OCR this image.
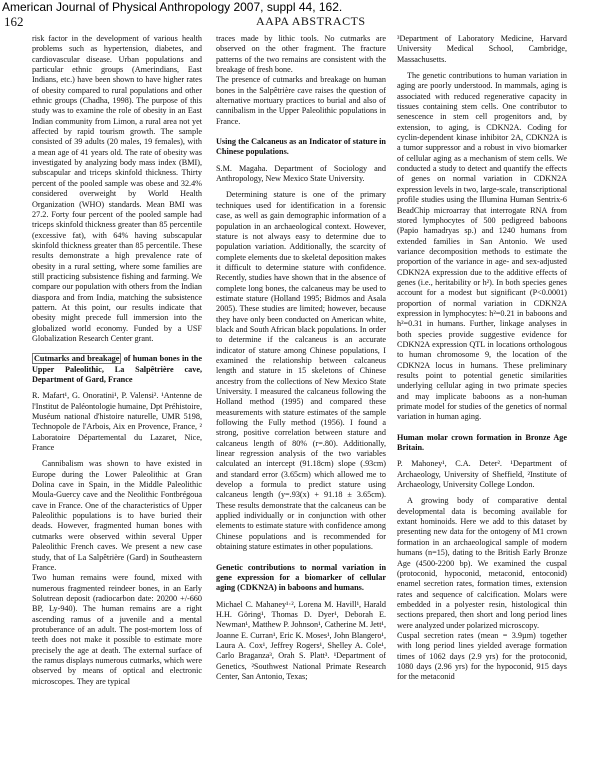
American Journal of Physical Anthropology 2007, suppl 44, 162.
162	AAPA ABSTRACTS

risk factor in the development of various health problems such as hypertension, diabetes, and cardiovascular disease. Urban populations and particular ethnic groups (Amerindians, East Indians, etc.) have been shown to have higher rates of obesity compared to rural populations and other ethnic groups (Chadha, 1998). The purpose of this study was to examine the role of obesity in an East Indian community from Limon, a rural area not yet affected by rapid tourism growth. The sample consisted of 39 adults (20 males, 19 females), with a mean age of 41 years old. The rate of obesity was investigated by analyzing body mass index (BMI), subscapular and triceps skinfold thickness. Thirty percent of the pooled sample was obese and 32.4% considered overweight by World Health Organization (WHO) standards. Mean BMI was 27.2. Forty four percent of the pooled sample had triceps skinfold thickness greater than 85 percentile (excessive fat), with 64% having subscapular skinfold thickness greater than 85 percentile. These results demonstrate a high prevalence rate of obesity in a rural setting, where some families are still practicing subsistence fishing and farming. We compare our population with others from the Indian diaspora and from India, matching the subsistence pattern. At this point, our results indicate that obesity might precede full immersion into the globalized world economy. Funded by a USF Globalization Research Center grant.

Cutmarks and breakage of human bones in the Upper Paleolithic, La Salpêtrière cave, Department of Gard, France

R. Mafart¹, G. Onoratini¹, P. Valensi². ¹Antenne de l'Institut de Paléontologie humaine, Dpt Préhistoire, Muséum national d'histoire naturelle, UMR 5198, Technopole de l'Arbois, Aix en Provence, France, ² Laboratoire Départemental du Lazaret, Nice, France

Cannibalism was shown to have existed in Europe during the Lower Paleolithic at Gran Dolina cave in Spain, in the Middle Paleolithic Moula-Guercy cave and the Neolithic Fontbrégoua cave in France. One of the characteristics of Upper Paleolithic populations is to have buried their deads. However, fragmented human bones with cutmarks were observed within several Upper Paleolithic French caves. We present a new case study, that of La Salpêtrière (Gard) in Southeastern France.

Two human remains were found, mixed with numerous fragmented reindeer bones, in an Early Solutrean deposit (radiocarbon date: 20200 +/-660 BP, Ly-940). The human remains are a right ascending ramus of a juvenile and a mental protuberance of an adult. The post-mortem loss of teeth does not make it possible to estimate more precisely the age at death. The external surface of the ramus displays numerous cutmarks, which were observed by means of optical and electronic microscopes. They are typical

traces made by lithic tools. No cutmarks are observed on the other fragment. The fracture patterns of the two remains are consistent with the breakage of fresh bone.

The presence of cutmarks and breakage on human bones in the Salpêtrière cave raises the question of alternative mortuary practices to burial and also of cannibalism in the Upper Paleolithic populations in France.

Using the Calcaneus as an Indicator of stature in Chinese populations.

S.M. Magaha. Department of Sociology and Anthropology, New Mexico State University.

Determining stature is one of the primary techniques used for identification in a forensic case, as well as gain demographic information of a population in an archaeological context. However, stature is not always easy to determine due to population variation. Additionally, the scarcity of complete elements due to skeletal deposition makes it difficult to determine stature with confidence. Recently, studies have shown that in the absence of complete long bones, the calcaneus may be used to estimate stature (Holland 1995; Bidmos and Asala 2005). These studies are limited; however, because they have only been conducted on American white, black and South African black populations. In order to determine if the calcaneus is an accurate indicator of stature among Chinese populations, I examined the relationship between calcaneus length and stature in 15 skeletons of Chinese ancestry from the collections of New Mexico State University. I measured the calcaneus following the Holland method (1995) and compared these measurements with stature estimates of the sample following the Fully method (1956). I found a strong, positive correlation between stature and calcaneus length of 80% (r=.80). Additionally, linear regression analysis of the two variables calculated an intercept (91.18cm) slope (.93cm) and standard error (3.65cm) which allowed me to develop a formula to predict stature using calcaneus length (y=.93(x) + 91.18 ± 3.65cm). These results demonstrate that the calcaneus can be applied individually or in conjunction with other elements to estimate stature with confidence among Chinese populations and is recommended for obtaining stature estimates in other populations.

Genetic contributions to normal variation in gene expression for a biomarker of cellular aging (CDKN2A) in baboons and humans.

Michael C. Mahaney¹·², Lorena M. Havill¹, Harald H.H. Göring¹, Thomas D. Dyer¹, Deborah E. Newman¹, Matthew P. Johnson¹, Catherine M. Jett¹, Joanne E. Curran¹, Eric K. Moses¹, John Blangero¹, Laura A. Cox¹, Jeffrey Rogers¹, Shelley A. Cole¹, Carlo Braganza³, Orah S. Platt³. ¹Department of Genetics, ²Southwest National Primate Research Center, San Antonio, Texas;

³Department of Laboratory Medicine, Harvard University Medical School, Cambridge, Massachusetts.

The genetic contributions to human variation in aging are poorly understood. In mammals, aging is associated with reduced regenerative capacity in tissues containing stem cells. One contributor to senescence in stem cell progenitors and, by extension, to aging, is CDKN2A. Coding for cyclin-dependent kinase inhibitor 2A, CDKN2A is a tumor suppressor and a robust in vivo biomarker of cellular aging as a mechanism of stem cells. We conducted a study to detect and quantify the effects of genes on normal variation in CDKN2A expression levels in two, large-scale, transcriptional profile studies using the Illumina Human Sentrix-6 BeadChip microarray that interrogate RNA from stored lymphocytes of 500 pedigreed baboons (Papio hamadryas sp.) and 1240 humans from extended families in San Antonio. We used variance decomposition methods to estimate the proportion of the variance in age- and sex-adjusted CDKN2A expression due to the additive effects of genes (i.e., heritability or h²). In both species genes account for a modest but significant (P<0.0001) proportion of normal variation in CDKN2A expression in lymphocytes: h²=0.21 in baboons and h²=0.31 in humans. Further, linkage analyses in both species provide suggestive evidence for CDKN2A expression QTL in locations orthologous to human chromosome 9, the location of the CDKN2A locus in humans. These preliminary results point to potential genetic similarities underlying cellular aging in two primate species and may implicate baboons as a non-human primate model for studies of the genetics of normal variation in human aging.

Human molar crown formation in Bronze Age Britain.

P. Mahoney¹, C.A. Deter². ¹Department of Archaeology, University of Sheffield, ²Institute of Archaeology, University College London.

A growing body of comparative dental developmental data is becoming available for extant hominoids. Here we add to this dataset by presenting new data for the ontogeny of M1 crown formation in an archaeological sample of modern humans (n=15), dating to the British Early Bronze Age (4500-2200 bp). We examined the cuspal (protoconid, hypoconid, metaconid, entoconid) enamel secretion rates, formation times, extension rates and sequence of calcification. Molars were embedded in a polyester resin, histological thin sections prepared, then short and long period lines were analyzed under polarized microscopy.

Cuspal secretion rates (mean = 3.9µm) together with long period lines yielded average formation times of 1062 days (2.9 yrs) for the protoconid, 1080 days (2.96 yrs) for the hypoconid, 915 days for the metaconid
